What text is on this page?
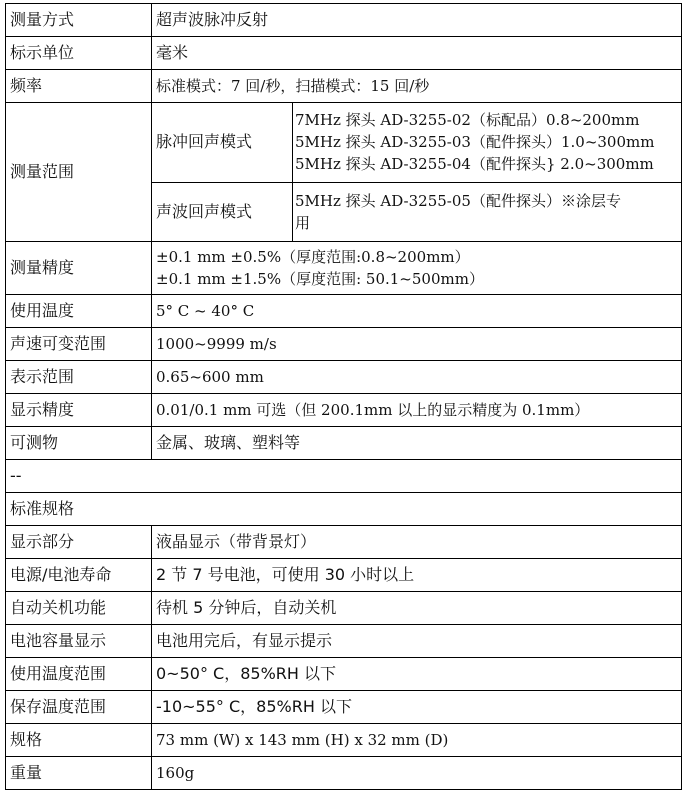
测量方式	超声波脉冲反射	
标示单位	毫米	
频率	标准模式：7 回/秒，扫描模式：15 回/秒	
测量范围	脉冲回声模式	7MHz 探头 AD-3255-02（标配品）0.8~200mm
5MHz 探头 AD-3255-03（配件探头）1.0~300mm
5MHz 探头 AD-3255-04（配件探头} 2.0~300mm

	声波回声模式	5MHz 探头 AD-3255-05（配件探头）※涂层专
用

测量精度	±0.1 mm ±0.5%（厚度范围:0.8~200mm）
±0.1 mm ±1.5%（厚度范围: 50.1~500mm）	

使用温度	5° C ~ 40° C	
声速可变范围	1000~9999 m/s	
表示范围	0.65~600 mm	
显示精度	0.01/0.1 mm 可选（但 200.1mm 以上的显示精度为 0.1mm）	
可测物	金属、玻璃、塑料等	
--		
标准规格		
显示部分	液晶显示（带背景灯）	
电源/电池寿命	2 节 7 号电池，可使用 30 小时以上	
自动关机功能	待机 5 分钟后，自动关机	
电池容量显示	电池用完后，有显示提示	
使用温度范围	0~50° C，85%RH 以下	
保存温度范围	-10~55° C，85%RH 以下	
规格	73 mm (W) x 143 mm (H) x 32 mm (D)	
重量	160g	
